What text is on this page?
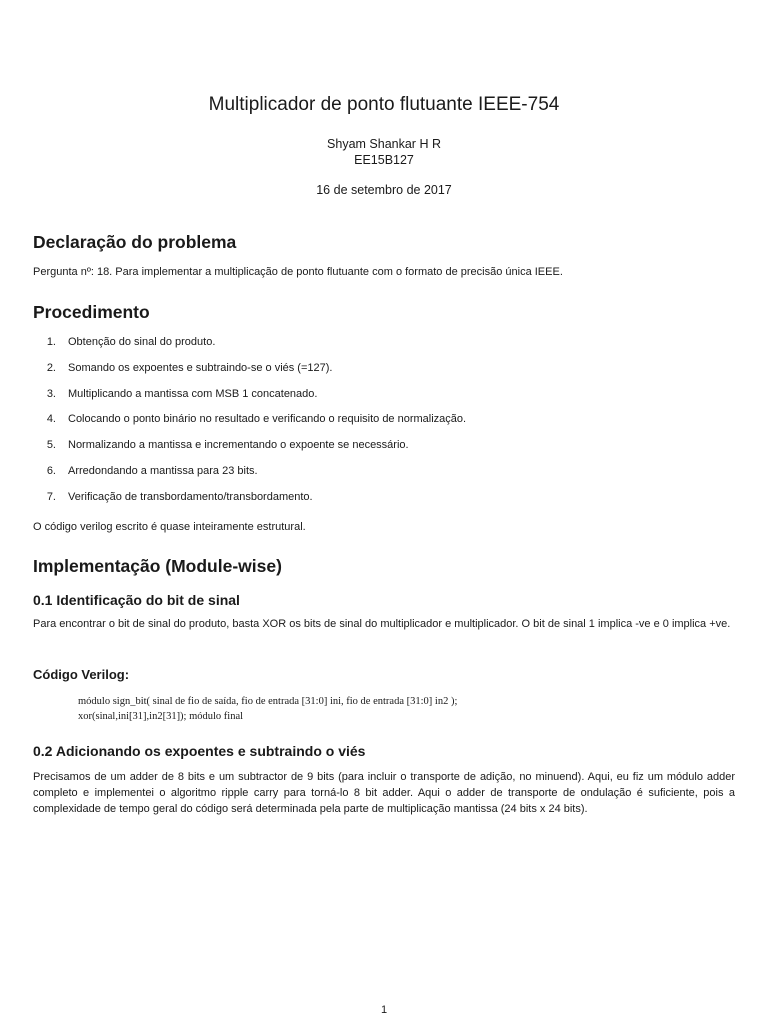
Multiplicador de ponto flutuante IEEE-754
Shyam Shankar H R
EE15B127
16 de setembro de 2017
Declaração do problema

Pergunta nº: 18. Para implementar a multiplicação de ponto flutuante com o formato de precisão única IEEE.

Procedimento
1. Obtenção do sinal do produto.
2. Somando os expoentes e subtraindo-se o viés (=127).
3. Multiplicando a mantissa com MSB 1 concatenado.
4. Colocando o ponto binário no resultado e verificando o requisito de normalização.
5. Normalizando a mantissa e incrementando o expoente se necessário.
6. Arredondando a mantissa para 23 bits.
7. Verificação de transbordamento/transbordamento.

O código verilog escrito é quase inteiramente estrutural.

Implementação (Module-wise)
0.1 Identificação do bit de sinal

Para encontrar o bit de sinal do produto, basta XOR os bits de sinal do multiplicador e multiplicador. O bit de sinal 1 implica -ve e 0 implica +ve.

Código Verilog:
módulo sign_bit( sinal de fio de saída, fio de entrada [31:0] ini, fio de entrada [31:0] in2 );
xor(sinal,ini[31],in2[31]); módulo final
0.2 Adicionando os expoentes e subtraindo o viés

Precisamos de um adder de 8 bits e um subtractor de 9 bits (para incluir o transporte de adição, no minuend). Aqui, eu fiz um módulo adder completo e implementei o algoritmo ripple carry para torná-lo 8 bit adder. Aqui o adder de transporte de ondulação é suficiente, pois a complexidade de tempo geral do código será determinada pela parte de multiplicação mantissa (24 bits x 24 bits).

1
